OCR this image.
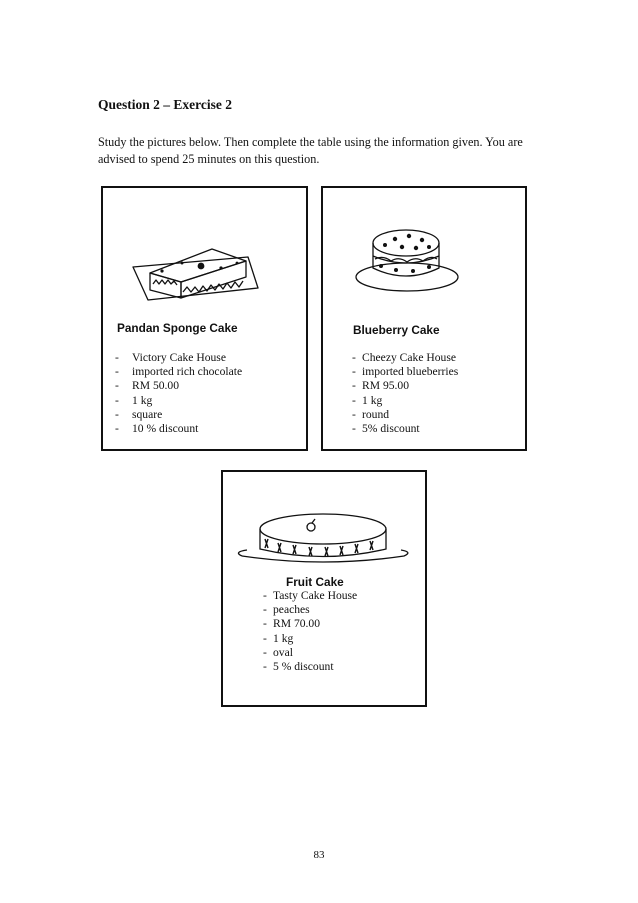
Question 2 – Exercise 2

Study the pictures below. Then complete the table using the information given. You are advised to spend 25 minutes on this question.

Pandan Sponge Cake
- Victory Cake House
- imported rich chocolate
- RM 50.00
- 1 kg
- square
- 10 % discount
Blueberry Cake
- Cheezy Cake House
- imported blueberries
- RM 95.00
- 1 kg
- round
- 5% discount
Fruit Cake
- Tasty Cake House
- peaches
- RM 70.00
- 1 kg
- oval
- 5 % discount
83
